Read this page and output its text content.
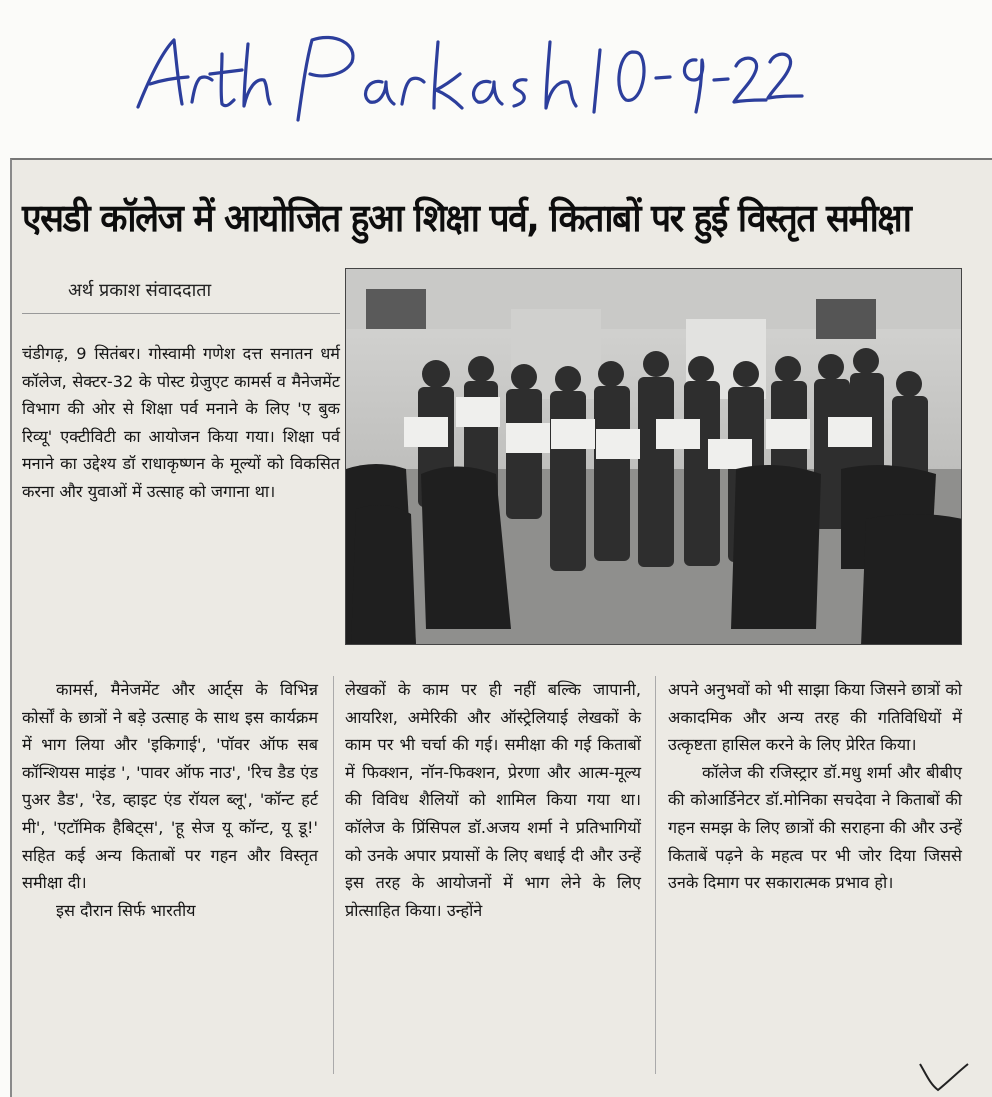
एसडी कॉलेज में आयोजित हुआ शिक्षा पर्व, किताबों पर हुई विस्तृत समीक्षा
अर्थ प्रकाश संवाददाता

चंडीगढ़, 9 सितंबर। गोस्वामी गणेश दत्त सनातन धर्म कॉलेज, सेक्टर-32 के पोस्ट ग्रेजुएट कामर्स व मैनेजमेंट विभाग की ओर से शिक्षा पर्व मनाने के लिए 'ए बुक रिव्यू' एक्टीविटी का आयोजन किया गया। शिक्षा पर्व मनाने का उद्देश्य डॉ राधाकृष्णन के मूल्यों को विकसित करना और युवाओं में उत्साह को जगाना था।

कामर्स, मैनेजमेंट और आर्ट्स के विभिन्न कोर्सों के छात्रों ने बड़े उत्साह के साथ इस कार्यक्रम में भाग लिया और 'इकिगाई', 'पॉवर ऑफ सब कॉन्शियस माइंड ', 'पावर ऑफ नाउ', 'रिच डैड एंड पुअर डैड', 'रेड, व्हाइट एंड रॉयल ब्लू', 'कॉन्ट हर्ट मी', 'एटॉमिक हैबिट्स', 'हू सेज यू कॉन्ट, यू डू!' सहित कई अन्य किताबों पर गहन और विस्तृत समीक्षा दी।

इस दौरान सिर्फ भारतीय

लेखकों के काम पर ही नहीं बल्कि जापानी, आयरिश, अमेरिकी और ऑस्ट्रेलियाई लेखकों के काम पर भी चर्चा की गई। समीक्षा की गई किताबों में फिक्शन, नॉन-फिक्शन, प्रेरणा और आत्म-मूल्य की विविध शैलियों को शामिल किया गया था। कॉलेज के प्रिंसिपल डॉ.अजय शर्मा ने प्रतिभागियों को उनके अपार प्रयासों के लिए बधाई दी और उन्हें इस तरह के आयोजनों में भाग लेने के लिए प्रोत्साहित किया। उन्होंने

अपने अनुभवों को भी साझा किया जिसने छात्रों को अकादमिक और अन्य तरह की गतिविधियों में उत्कृष्टता हासिल करने के लिए प्रेरित किया।

कॉलेज की रजिस्ट्रार डॉ.मधु शर्मा और बीबीए की कोआर्डिनेटर डॉ.मोनिका सचदेवा ने किताबों की गहन समझ के लिए छात्रों की सराहना की और उन्हें किताबें पढ़ने के महत्व पर भी जोर दिया जिससे उनके दिमाग पर सकारात्मक प्रभाव हो।
